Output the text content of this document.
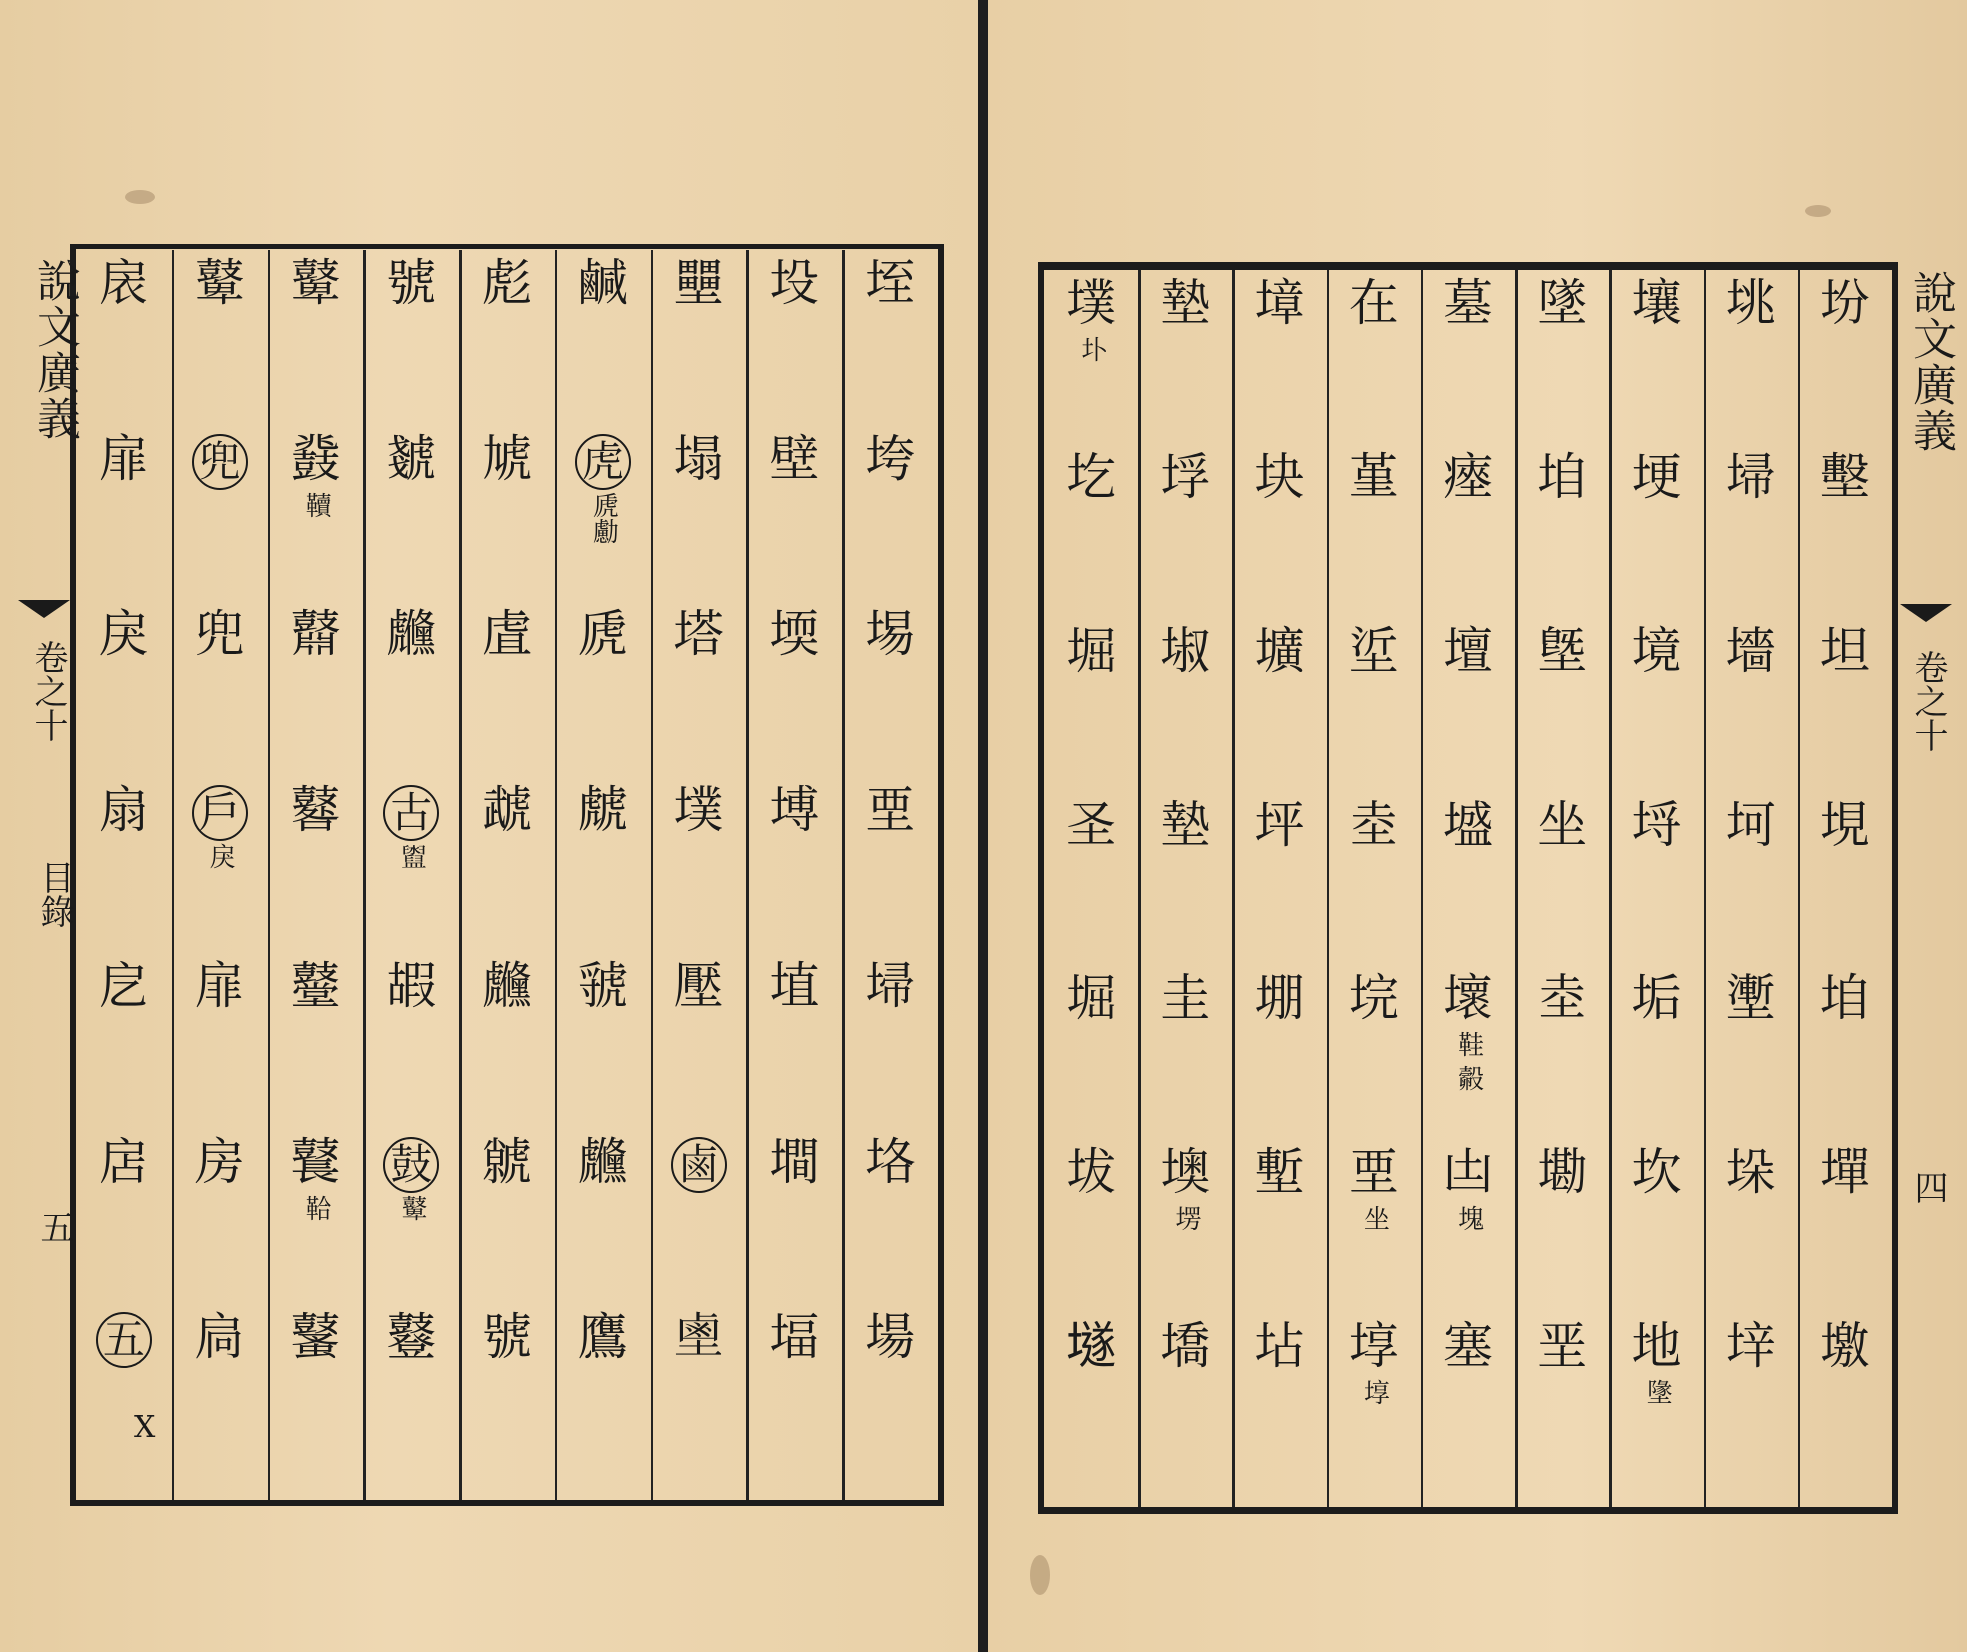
垤
垮
埸
垔
埽
垎
場
坄
壁
堧
㙛
埴
墹
堛
壨
塌
塔
墣
壓
鹵
𪉖
鹹
虎
虒勴
虒
虤
虢
虪
鷹
彪
虓
虘
虣
虪
虩
號
號
虦
虪
古
𥃔
嘏
鼓
鼙
鼟
鼙
鼗
韇
鼘
鼛
鼞
鼚
鞈
鼜
鼙
兜
兜
戶
戾
扉
房
扃
扆
扉
戾
扇
戹
扂
五
說文廣義
卷之十
目錄
五
X
坋
墼
坦
垷
垍
墠
墽
垗
埽
墻
坷
壍
垛
垶
壤
埂
境
埒
垢
坎
地
墬
墜
垍
墍
坐
坴
墈
垩
墓
瘞
壇
墭
壞
鞋 㲉
凷
塊
塞
在
堇
垽
坴
垸
垔
坐
埻
埻
墇
块
壙
坪
堋
塹
坫
墊
垺
埱
墊
圭
墺
塄
墧
墣
圤
圪
堀
圣
堀
坺
𡑞
說文廣義
卷之十
四
